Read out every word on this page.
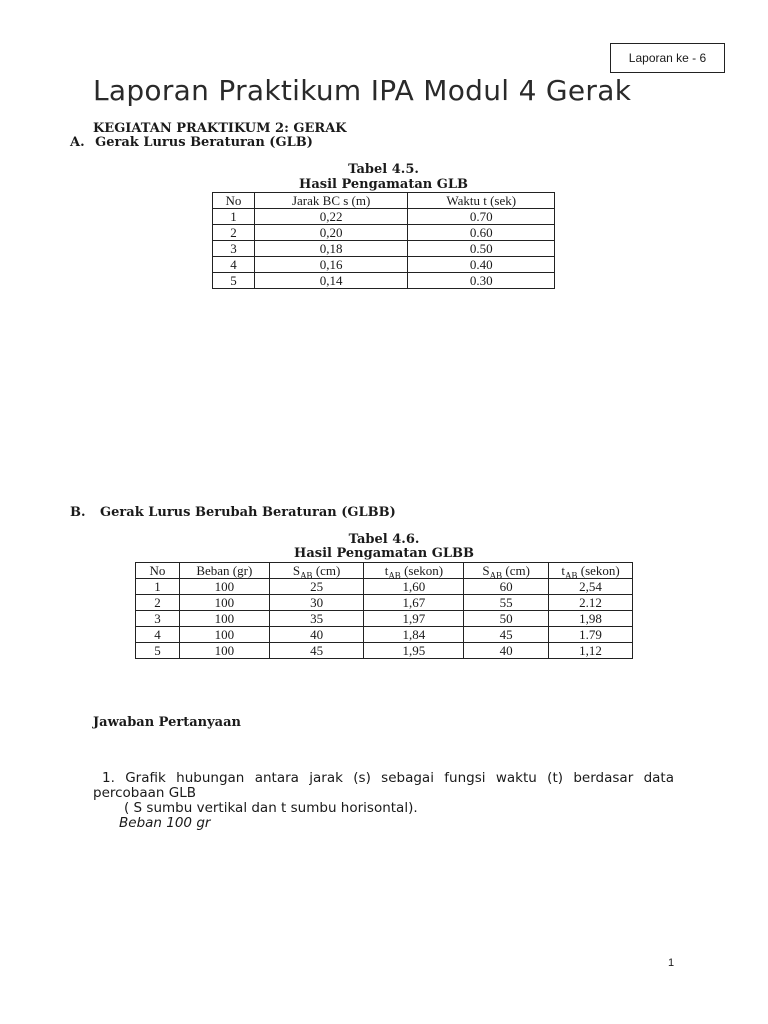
Laporan ke - 6
Laporan Praktikum IPA Modul 4 Gerak
KEGIATAN PRAKTIKUM 2: GERAK
A. Gerak Lurus Beraturan (GLB)
Tabel 4.5.
Hasil Pengamatan GLB
No	Jarak BC s (m)	Waktu t (sek)
1	0,22	0.70
2	0,20	0.60
3	0,18	0.50
4	0,16	0.40
5	0,14	0.30
B. Gerak Lurus Berubah Beraturan (GLBB)
Tabel 4.6.
Hasil Pengamatan GLBB
No	Beban (gr)	$S_{AB}$ (cm)	$t_{AB}$ (sekon)	$S_{AB}$ (cm)	$t_{AB}$ (sekon)
1	100	25	1,60	60	2,54
2	100	30	1,67	55	2.12
3	100	35	1,97	50	1,98
4	100	40	1,84	45	1.79
5	100	45	1,95	40	1,12
Jawaban Pertanyaan
1. Grafik hubungan antara jarak (s) sebagai fungsi waktu (t) berdasar data percobaan GLB
( S sumbu vertikal dan t sumbu horisontal).
Beban 100 gr
1
